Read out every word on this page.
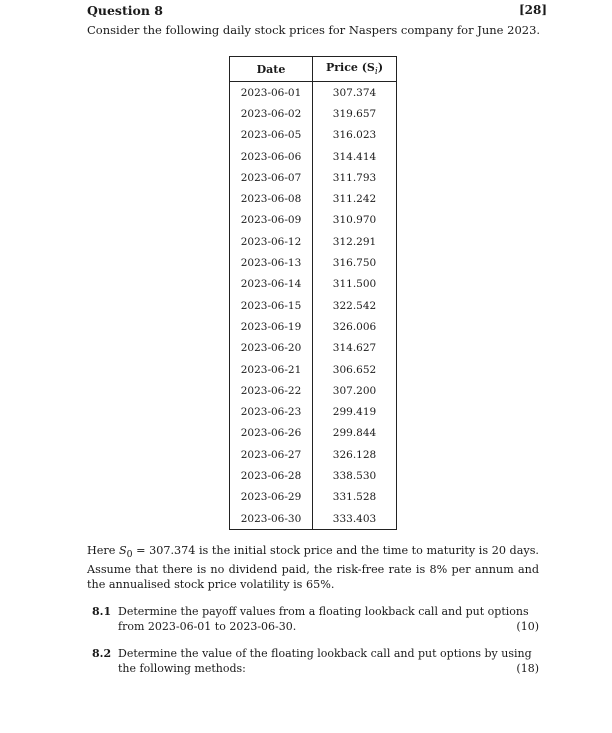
Question 8	[28]
Consider the following daily stock prices for Naspers company for June 2023.
Date	Price $(S_i)$
2023-06-01	307.374
2023-06-02	319.657
2023-06-05	316.023
2023-06-06	314.414
2023-06-07	311.793
2023-06-08	311.242
2023-06-09	310.970
2023-06-12	312.291
2023-06-13	316.750
2023-06-14	311.500
2023-06-15	322.542
2023-06-19	326.006
2023-06-20	314.627
2023-06-21	306.652
2023-06-22	307.200
2023-06-23	299.419
2023-06-26	299.844
2023-06-27	326.128
2023-06-28	338.530
2023-06-29	331.528
2023-06-30	333.403
Here $S_0 = 307.374$ is the initial stock price and the time to maturity is 20 days. Assume that there is no dividend paid, the risk-free rate is 8% per annum and the annualised stock price volatility is 65%.
8.1 Determine the payoff values from a floating lookback call and put options from 2023-06-01 to 2023-06-30.	(10)
8.2 Determine the value of the floating lookback call and put options by using the following methods:	(18)
